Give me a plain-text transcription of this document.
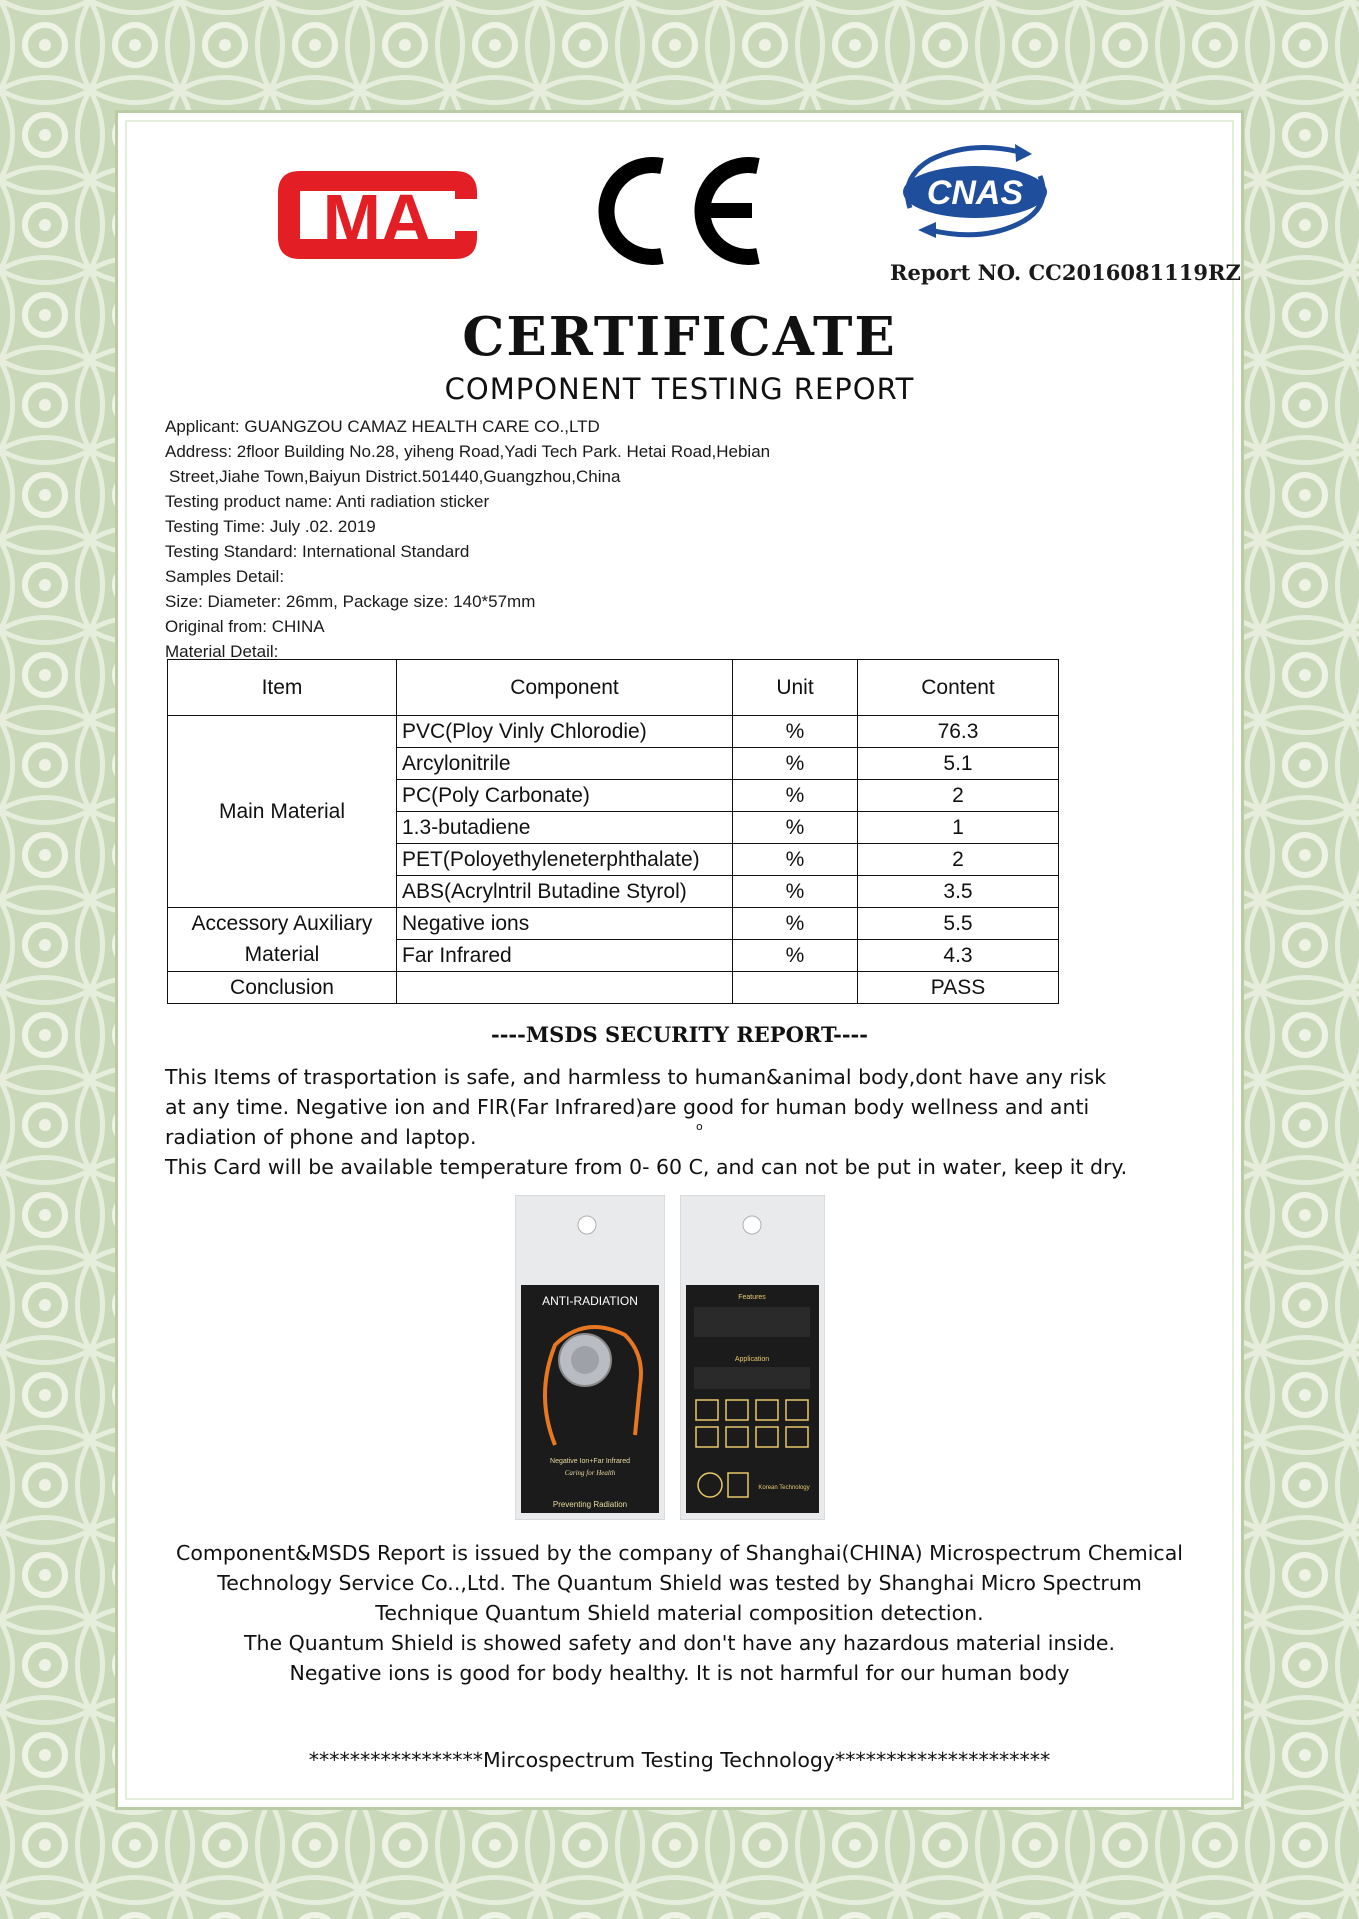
MA	CNAS
Report NO. CC2016081119RZ
CERTIFICATE
COMPONENT TESTING REPORT
Applicant: GUANGZOU CAMAZ HEALTH CARE CO.,LTD
Address: 2floor Building No.28, yiheng Road,Yadi Tech Park. Hetai Road,Hebian
Street,Jiahe Town,Baiyun District.501440,Guangzhou,China
Testing product name: Anti radiation sticker
Testing Time: July .02. 2019
Testing Standard: International Standard
Samples Detail:
Size: Diameter: 26mm, Package size: 140*57mm
Original from: CHINA
Material Detail:
Item	Component	Unit	Content
Main Material	PVC(Ploy Vinly Chlorodie)	%	76.3
	Arcylonitrile	%	5.1
	PC(Poly Carbonate)	%	2
	1.3-butadiene	%	1
	PET(Poloyethyleneterphthalate)	%	2
	ABS(Acrylntril Butadine Styrol)	%	3.5
Accessory Auxiliary	Negative ions	%	5.5
Material	Far Infrared	%	4.3
Conclusion			PASS
----MSDS SECURITY REPORT----

This Items of trasportation is safe, and harmless to human&animal body,dont have any risk

at any time. Negative ion and FIR(Far Infrared)are good for human body wellness and anti

radiation of phone and laptop.

This Card will be available temperature from 0- 60 C, and can not be put in water, keep it dry.

o
ANTI-RADIATION
Negative Ion+Far Infrared
Caring for Health
Preventing Radiation
Features
Application
Korean Technology

Component&MSDS Report is issued by the company of Shanghai(CHINA) Microspectrum Chemical

Technology Service Co..,Ltd. The Quantum Shield was tested by Shanghai Micro Spectrum

Technique Quantum Shield material composition detection.

The Quantum Shield is showed safety and don't have any hazardous material inside.

Negative ions is good for body healthy. It is not harmful for our human body

*****************Mircospectrum Testing Technology*********************
